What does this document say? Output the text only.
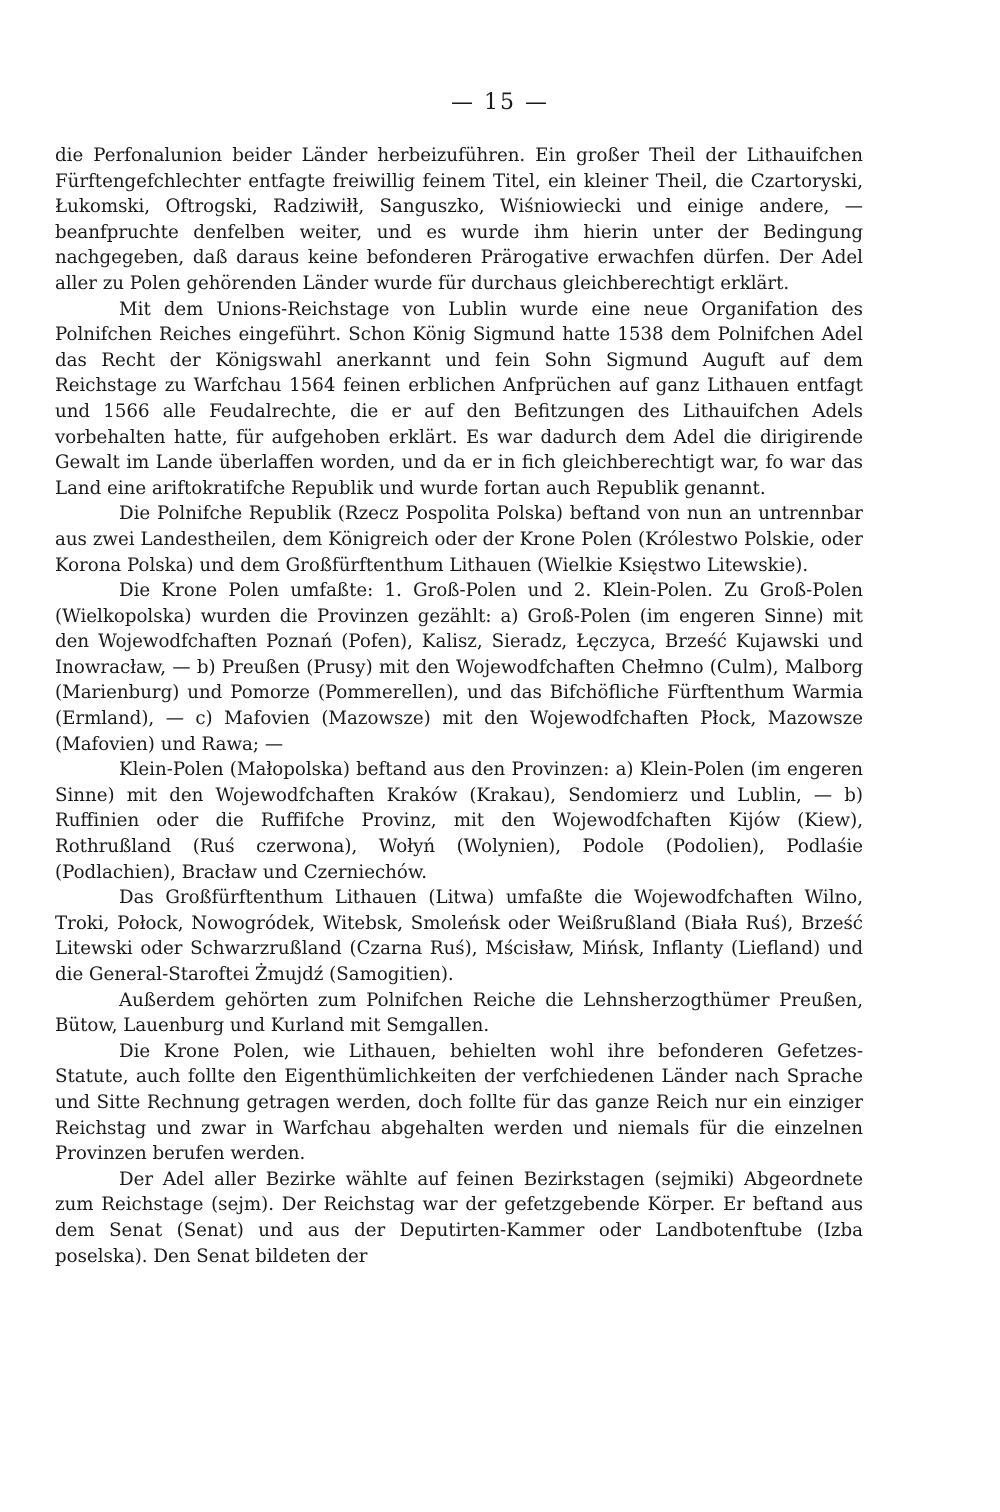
— 15 —

die Perfonalunion beider Länder herbeizuführen. Ein großer Theil der Lithauifchen Fürftengefchlechter entfagte freiwillig feinem Titel, ein kleiner Theil, die Czartoryski, Łukomski, Oftrogski, Radziwiłł, Sanguszko, Wiśniowiecki und einige andere, — beanfpruchte denfelben weiter, und es wurde ihm hierin unter der Bedingung nachgegeben, daß daraus keine befonderen Prärogative erwachfen dürfen. Der Adel aller zu Polen gehörenden Länder wurde für durchaus gleichberechtigt erklärt.

Mit dem Unions-Reichstage von Lublin wurde eine neue Organifation des Polnifchen Reiches eingeführt. Schon König Sigmund hatte 1538 dem Polnifchen Adel das Recht der Königswahl anerkannt und fein Sohn Sigmund Auguft auf dem Reichstage zu Warfchau 1564 feinen erblichen Anfprüchen auf ganz Lithauen entfagt und 1566 alle Feudalrechte, die er auf den Befitzungen des Lithauifchen Adels vorbehalten hatte, für aufgehoben erklärt. Es war dadurch dem Adel die dirigirende Gewalt im Lande überlaffen worden, und da er in fich gleichberechtigt war, fo war das Land eine ariftokratifche Republik und wurde fortan auch Republik genannt.

Die Polnifche Republik (Rzecz Pospolita Polska) beftand von nun an untrennbar aus zwei Landestheilen, dem Königreich oder der Krone Polen (Królestwo Polskie, oder Korona Polska) und dem Großfürftenthum Lithauen (Wielkie Księstwo Litewskie).

Die Krone Polen umfaßte: 1. Groß-Polen und 2. Klein-Polen. Zu Groß-Polen (Wielkopolska) wurden die Provinzen gezählt: a) Groß-Polen (im engeren Sinne) mit den Wojewodfchaften Poznań (Pofen), Kalisz, Sieradz, Łęczyca, Brześć Kujawski und Inowracław, — b) Preußen (Prusy) mit den Wojewodfchaften Chełmno (Culm), Malborg (Marienburg) und Pomorze (Pommerellen), und das Bifchöfliche Fürftenthum Warmia (Ermland), — c) Mafovien (Mazowsze) mit den Wojewodfchaften Płock, Mazowsze (Mafovien) und Rawa; —

Klein-Polen (Małopolska) beftand aus den Provinzen: a) Klein-Polen (im engeren Sinne) mit den Wojewodfchaften Kraków (Krakau), Sendomierz und Lublin, — b) Ruffinien oder die Ruffifche Provinz, mit den Wojewodfchaften Kijów (Kiew), Rothrußland (Ruś czerwona), Wołyń (Wolynien), Podole (Podolien), Podlaśie (Podlachien), Bracław und Czerniechów.

Das Großfürftenthum Lithauen (Litwa) umfaßte die Wojewodfchaften Wilno, Troki, Połock, Nowogródek, Witebsk, Smoleńsk oder Weißrußland (Biała Ruś), Brześć Litewski oder Schwarzrußland (Czarna Ruś), Mścisław, Mińsk, Inflanty (Liefland) und die General-Staroftei Żmujdź (Samogitien).

Außerdem gehörten zum Polnifchen Reiche die Lehnsherzogthümer Preußen, Bütow, Lauenburg und Kurland mit Semgallen.

Die Krone Polen, wie Lithauen, behielten wohl ihre befonderen Gefetzes-Statute, auch follte den Eigenthümlichkeiten der verfchiedenen Länder nach Sprache und Sitte Rechnung getragen werden, doch follte für das ganze Reich nur ein einziger Reichstag und zwar in Warfchau abgehalten werden und niemals für die einzelnen Provinzen berufen werden.

Der Adel aller Bezirke wählte auf feinen Bezirkstagen (sejmiki) Abgeordnete zum Reichstage (sejm). Der Reichstag war der gefetzgebende Körper. Er beftand aus dem Senat (Senat) und aus der Deputirten-Kammer oder Landbotenftube (Izba poselska). Den Senat bildeten der
